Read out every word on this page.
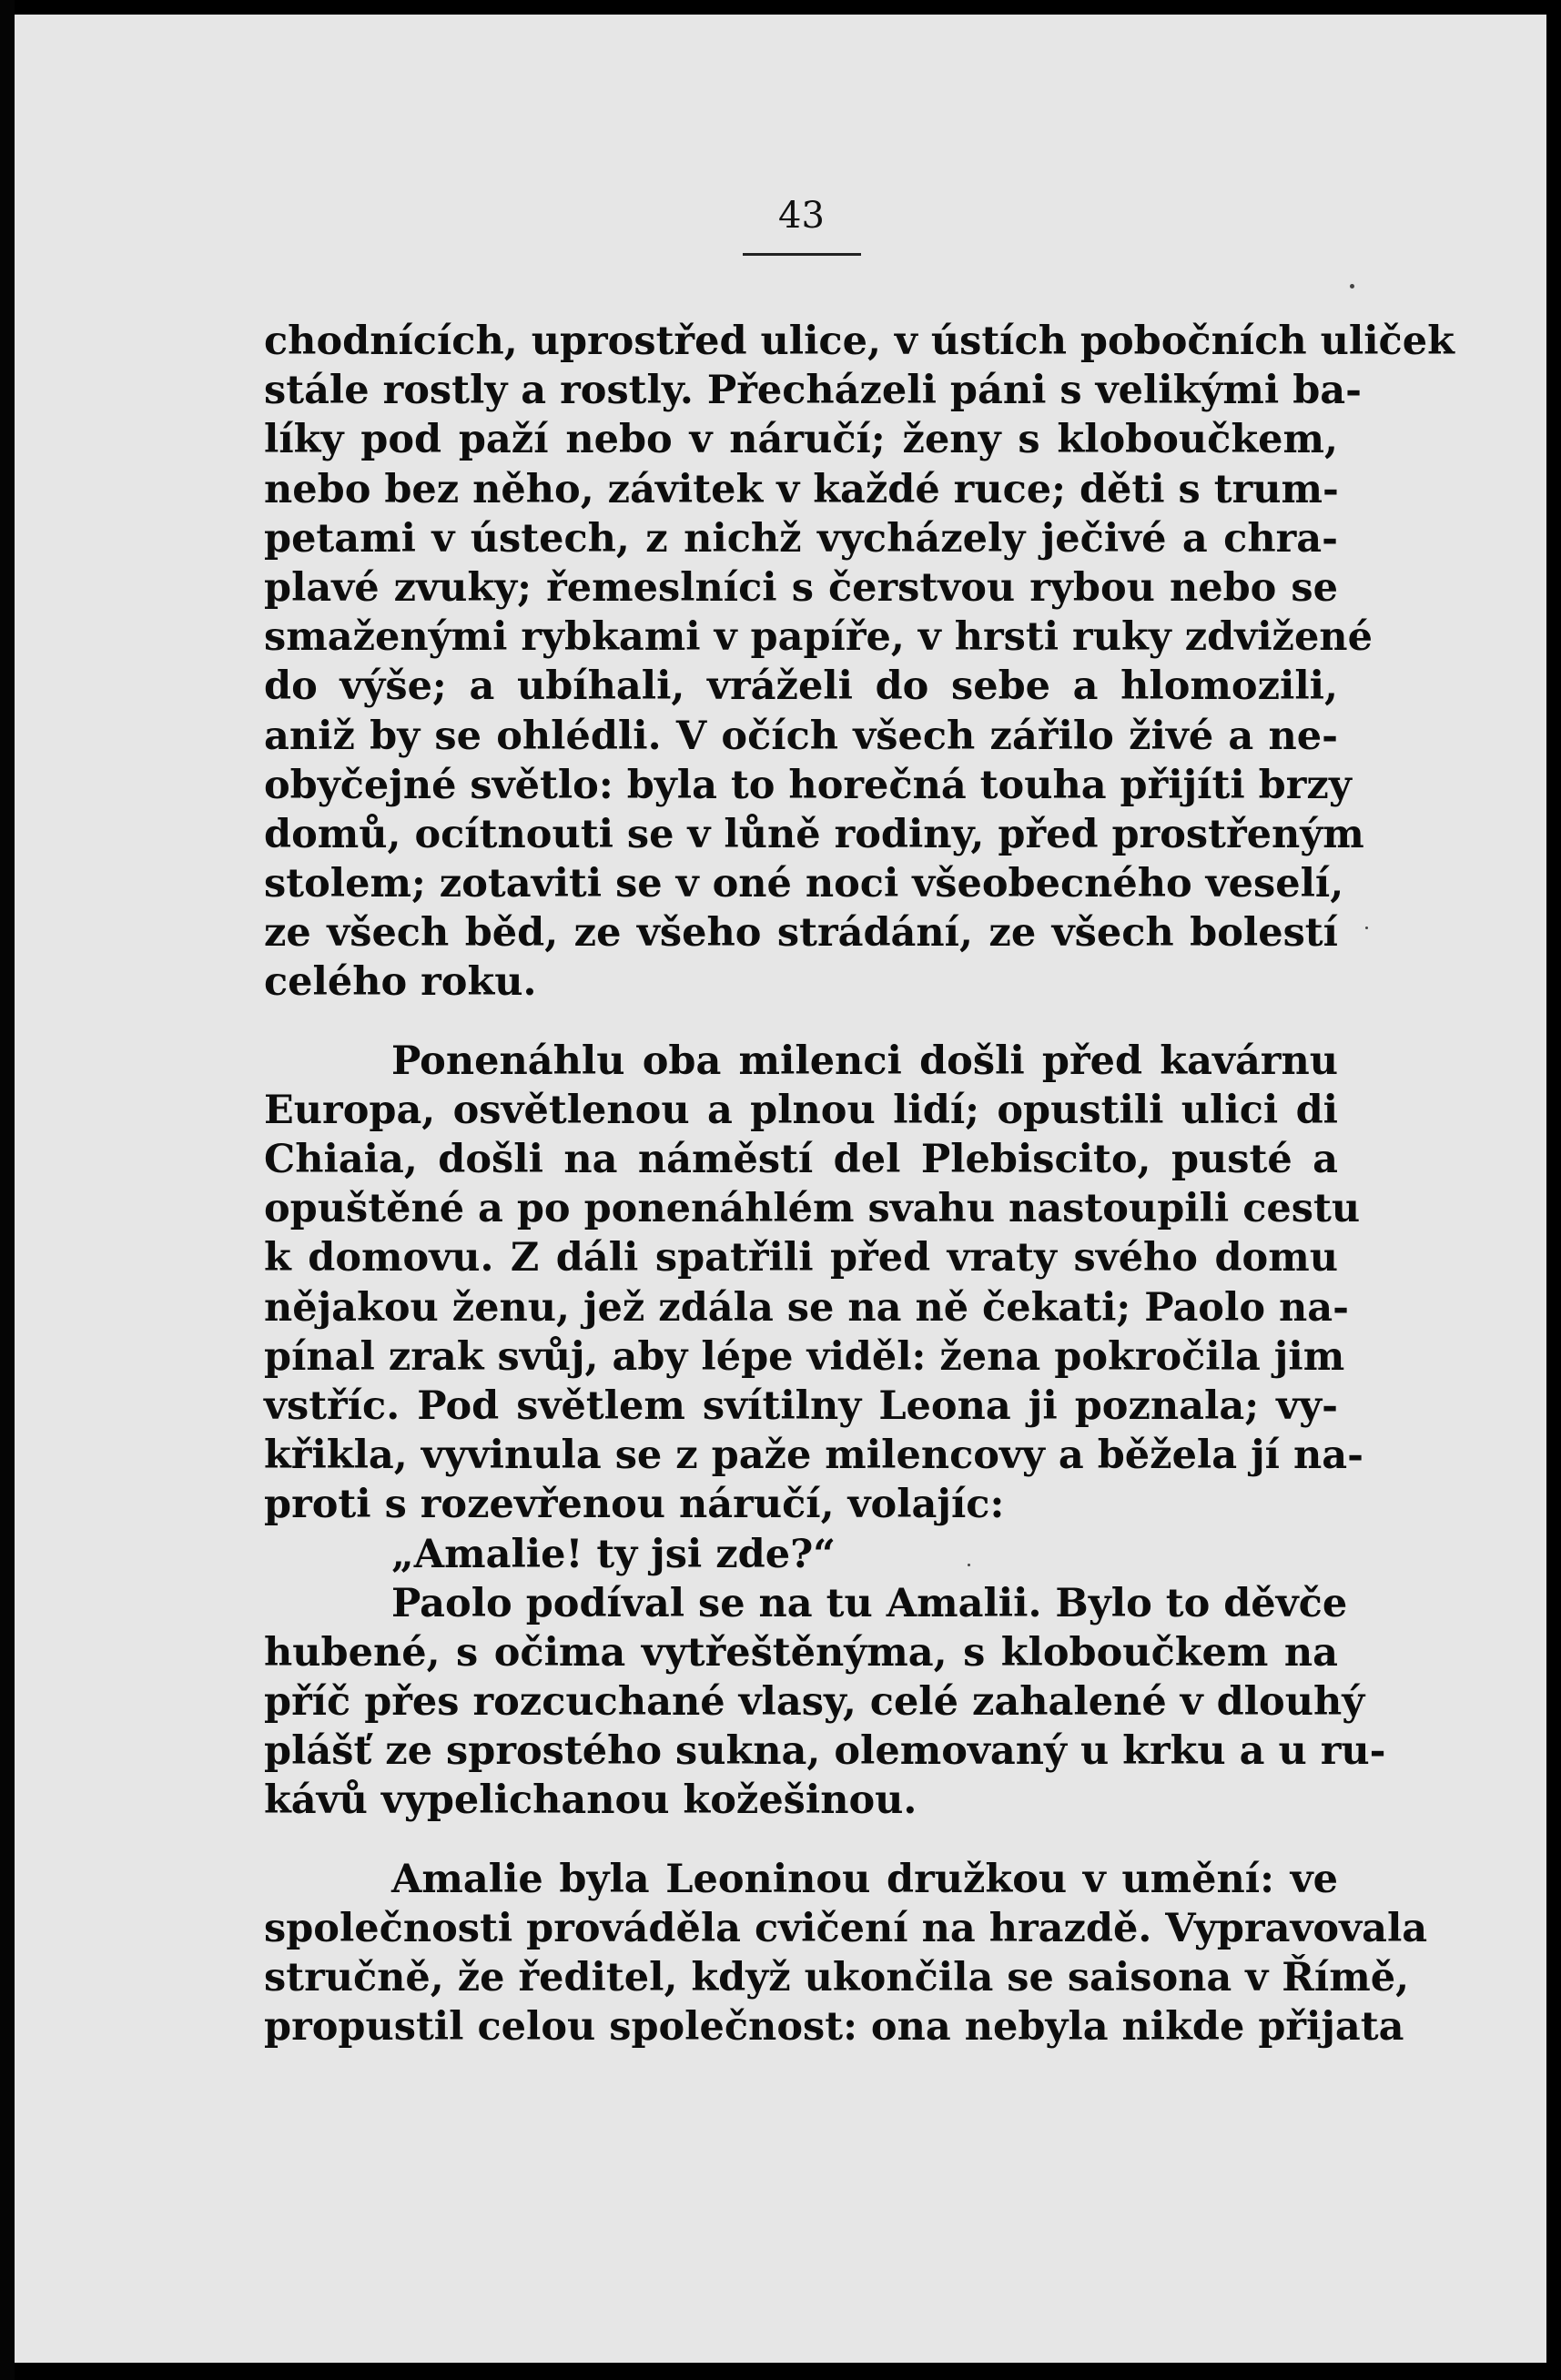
43
chodnících, uprostřed ulice, v ústích pobočních uliček
stále rostly a rostly. Přecházeli páni s velikými ba-
líky pod paží nebo v náručí; ženy s kloboučkem,
nebo bez něho, závitek v každé ruce; děti s trum-
petami v ústech, z nichž vycházely ječivé a chra-
plavé zvuky; řemeslníci s čerstvou rybou nebo se
smaženými rybkami v papíře, v hrsti ruky zdvižené
do výše; a ubíhali, vráželi do sebe a hlomozili,
aniž by se ohlédli. V očích všech zářilo živé a ne-
obyčejné světlo: byla to horečná touha přijíti brzy
domů, ocítnouti se v lůně rodiny, před prostřeným
stolem; zotaviti se v oné noci všeobecného veselí,
ze všech běd, ze všeho strádání, ze všech bolestí
celého roku.
Ponenáhlu oba milenci došli před kavárnu
Europa, osvětlenou a plnou lidí; opustili ulici di
Chiaia, došli na náměstí del Plebiscito, pusté a
opuštěné a po ponenáhlém svahu nastoupili cestu
k domovu. Z dáli spatřili před vraty svého domu
nějakou ženu, jež zdála se na ně čekati; Paolo na-
pínal zrak svůj, aby lépe viděl: žena pokročila jim
vstříc. Pod světlem svítilny Leona ji poznala; vy-
křikla, vyvinula se z paže milencovy a běžela jí na-
proti s rozevřenou náručí, volajíc:
„Amalie! ty jsi zde?“
Paolo podíval se na tu Amalii. Bylo to děvče
hubené, s očima vytřeštěnýma, s kloboučkem na
příč přes rozcuchané vlasy, celé zahalené v dlouhý
plášť ze sprostého sukna, olemovaný u krku a u ru-
kávů vypelichanou kožešinou.
Amalie byla Leoninou družkou v umění: ve
společnosti prováděla cvičení na hrazdě. Vypravovala
stručně, že ředitel, když ukončila se saisona v Římě,
propustil celou společnost: ona nebyla nikde přijata
